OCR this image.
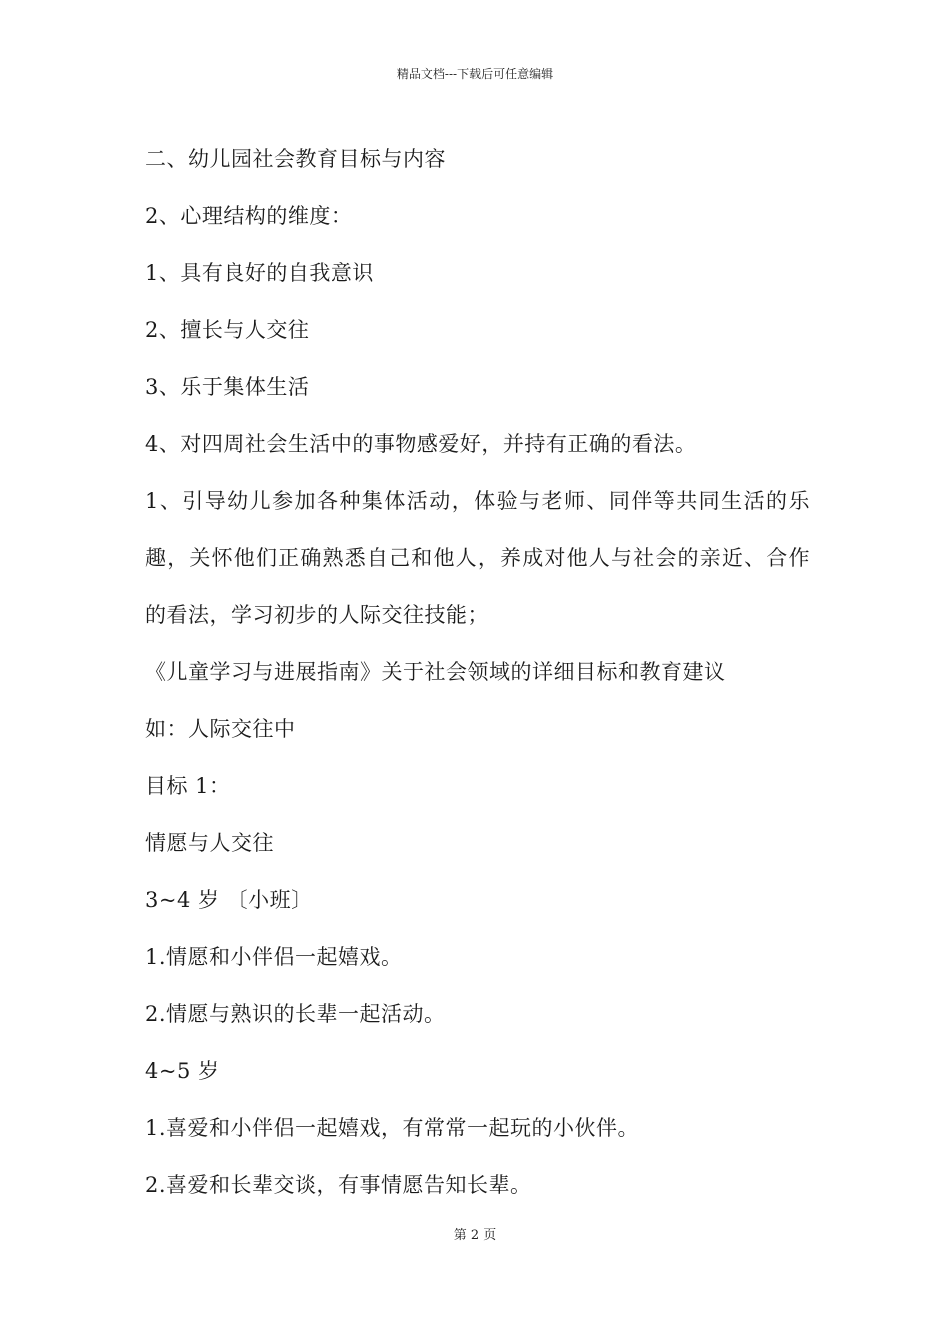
精品文档---下载后可任意编辑
二、幼儿园社会教育目标与内容
2、心理结构的维度：
1、具有良好的自我意识
2、擅长与人交往
3、乐于集体生活
4、对四周社会生活中的事物感爱好，并持有正确的看法。
1、引导幼儿参加各种集体活动，体验与老师、同伴等共同生活的乐趣，关怀他们正确熟悉自己和他人，养成对他人与社会的亲近、合作的看法，学习初步的人际交往技能；
《儿童学习与进展指南》关于社会领域的详细目标和教育建议
如：人际交往中
目标 1：
情愿与人交往
3~4 岁 〔小班〕
1.情愿和小伴侣一起嬉戏。
2.情愿与熟识的长辈一起活动。
4~5 岁
1.喜爱和小伴侣一起嬉戏，有常常一起玩的小伙伴。
2.喜爱和长辈交谈，有事情愿告知长辈。
第 2 页
